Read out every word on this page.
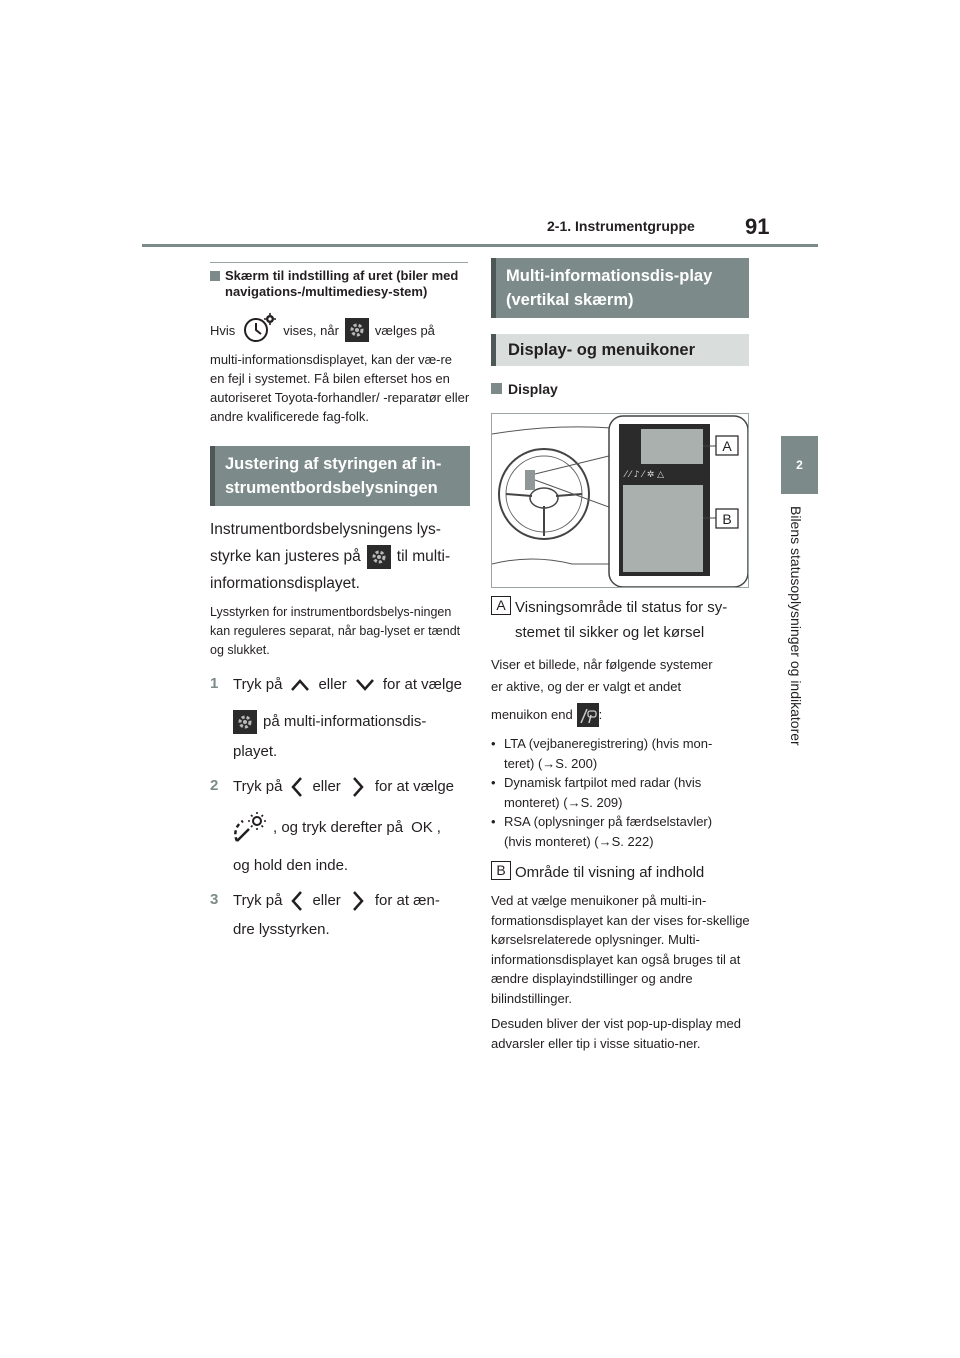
2-1. Instrumentgruppe 91
2
Bilens statusoplysninger og indikatorer
Skærm til indstilling af uret (biler med navigations-/multimediesy-stem)
Hvis	vises, når	vælges på
multi-informationsdisplayet, kan der væ-re en fejl i systemet. Få bilen efterset hos en autoriseret Toyota-forhandler/ -reparatør eller andre kvalificerede fag-folk.
Justering af styringen af in-strumentbordsbelysningen
Instrumentbordsbelysningens lys-
styrke kan justeres på til multi-
informationsdisplayet.
Lysstyrken for instrumentbordsbelys-ningen kan reguleres separat, når bag-lyset er tændt og slukket.
1 Tryk på eller for at vælge
på multi-informationsdis-
playet.
2 Tryk på eller for at vælge
, og tryk derefter på OK ,
og hold den inde.
3 Tryk på eller for at æn-
dre lysstyrken.
Multi-informationsdis-play (vertikal skærm)
Display- og menuikoner
Display
⁄ ⁄ ♪ ⁄ ✲ △
A
B
A Visningsområde til status for sy-
stemet til sikker og let kørsel
Viser et billede, når følgende systemer
er aktive, og der er valgt et andet
menuikon end :
• LTA (vejbaneregistrering) (hvis mon-
teret) (→S. 200)
• Dynamisk fartpilot med radar (hvis
monteret) (→S. 209)
• RSA (oplysninger på færdselstavler)
(hvis monteret) (→S. 222)
B Område til visning af indhold
Ved at vælge menuikoner på multi-in-formationsdisplayet kan der vises for-skellige kørselsrelaterede oplysninger. Multi-informationsdisplayet kan også bruges til at ændre displayindstillinger og andre bilindstillinger.
Desuden bliver der vist pop-up-display med advarsler eller tip i visse situatio-ner.
